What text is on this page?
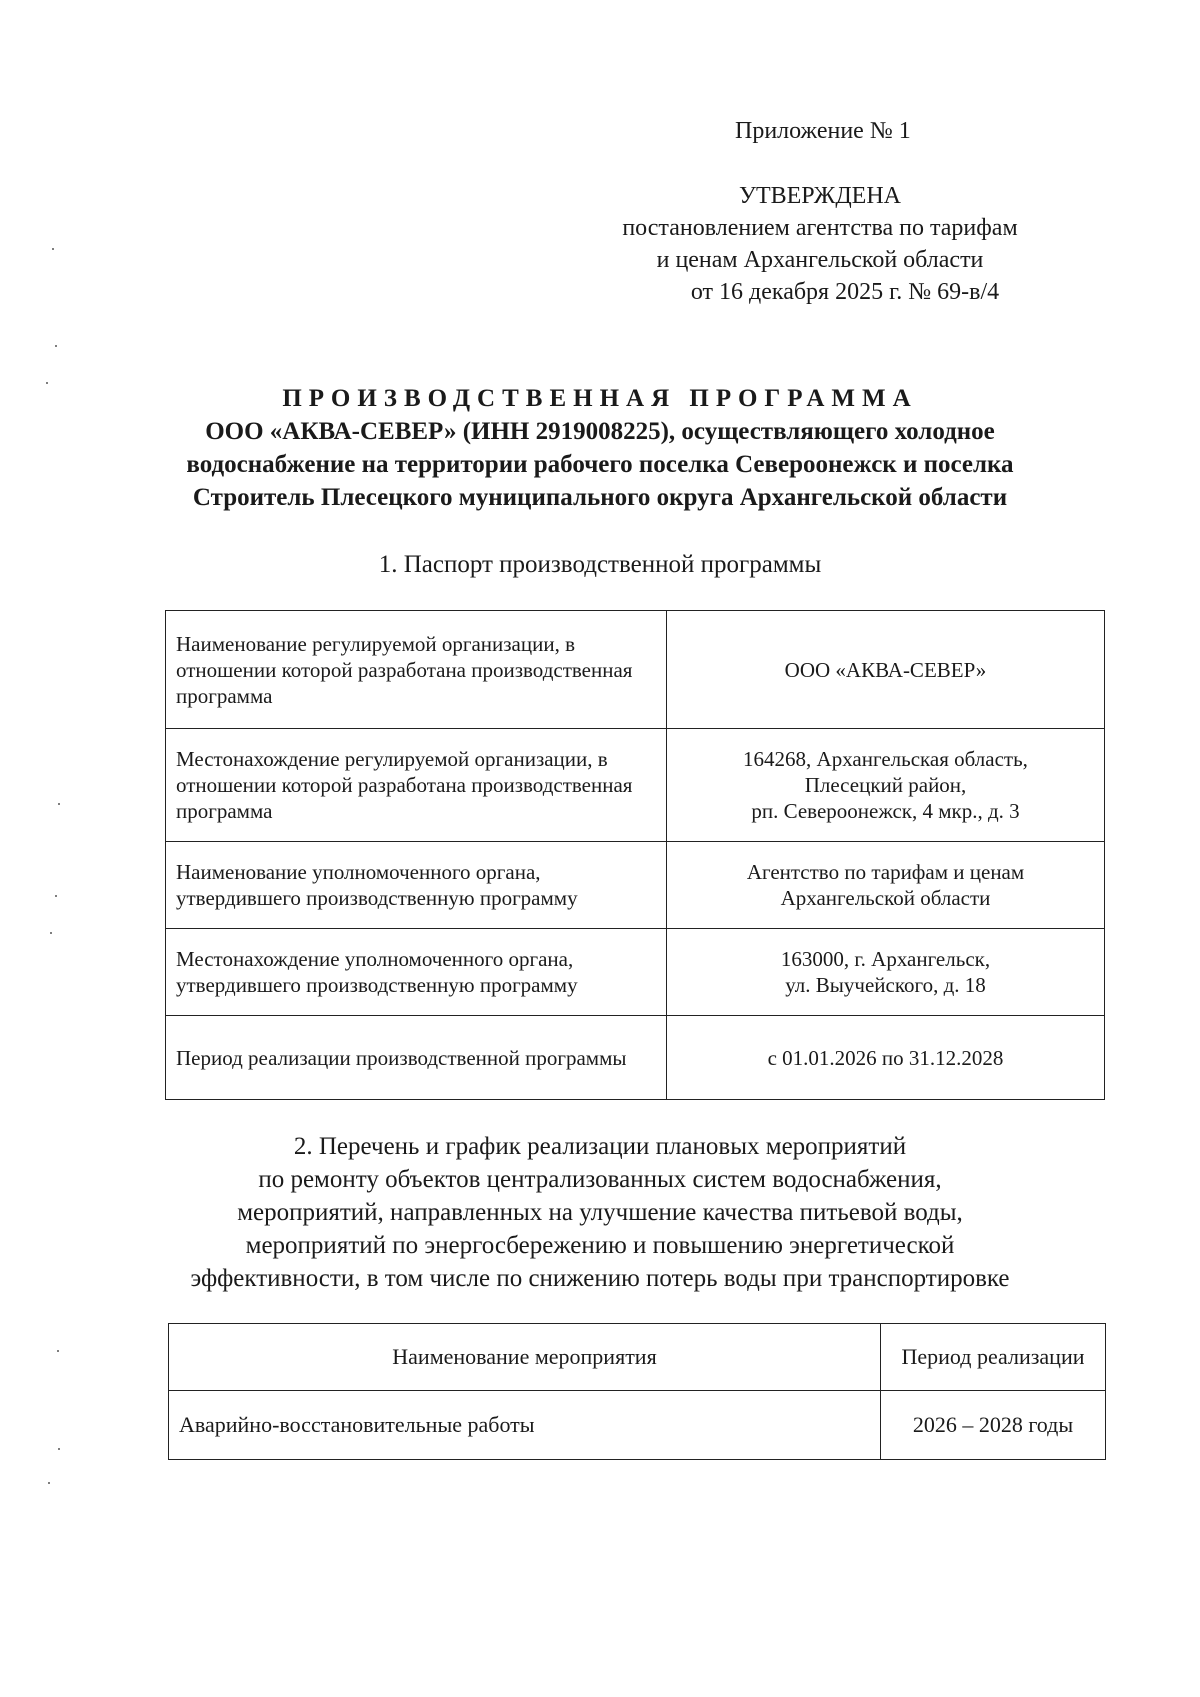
Приложение № 1
УТВЕРЖДЕНА
постановлением агентства по тарифам
и ценам Архангельской области
от 16 декабря 2025 г. № 69-в/4
ПРОИЗВОДСТВЕННАЯ ПРОГРАММА
ООО «АКВА-СЕВЕР» (ИНН 2919008225), осуществляющего холодное
водоснабжение на территории рабочего поселка Североонежск и поселка
Строитель Плесецкого муниципального округа Архангельской области
1. Паспорт производственной программы
Наименование регулируемой организации, в отношении которой разработана производственная программа	ООО «АКВА-СЕВЕР»
Местонахождение регулируемой организации, в отношении которой разработана производственная программа	164268, Архангельская область,
Плесецкий район,
рп. Североонежск, 4 мкр., д. 3

Наименование уполномоченного органа, утвердившего производственную программу	Агентство по тарифам и ценам
Архангельской области

Местонахождение уполномоченного органа, утвердившего производственную программу	163000, г. Архангельск,
ул. Выучейского, д. 18

Период реализации производственной программы	с 01.01.2026 по 31.12.2028
2. Перечень и график реализации плановых мероприятий
по ремонту объектов централизованных систем водоснабжения,
мероприятий, направленных на улучшение качества питьевой воды,
мероприятий по энергосбережению и повышению энергетической
эффективности, в том числе по снижению потерь воды при транспортировке
Наименование мероприятия	Период реализации
Аварийно-восстановительные работы	2026 – 2028 годы
